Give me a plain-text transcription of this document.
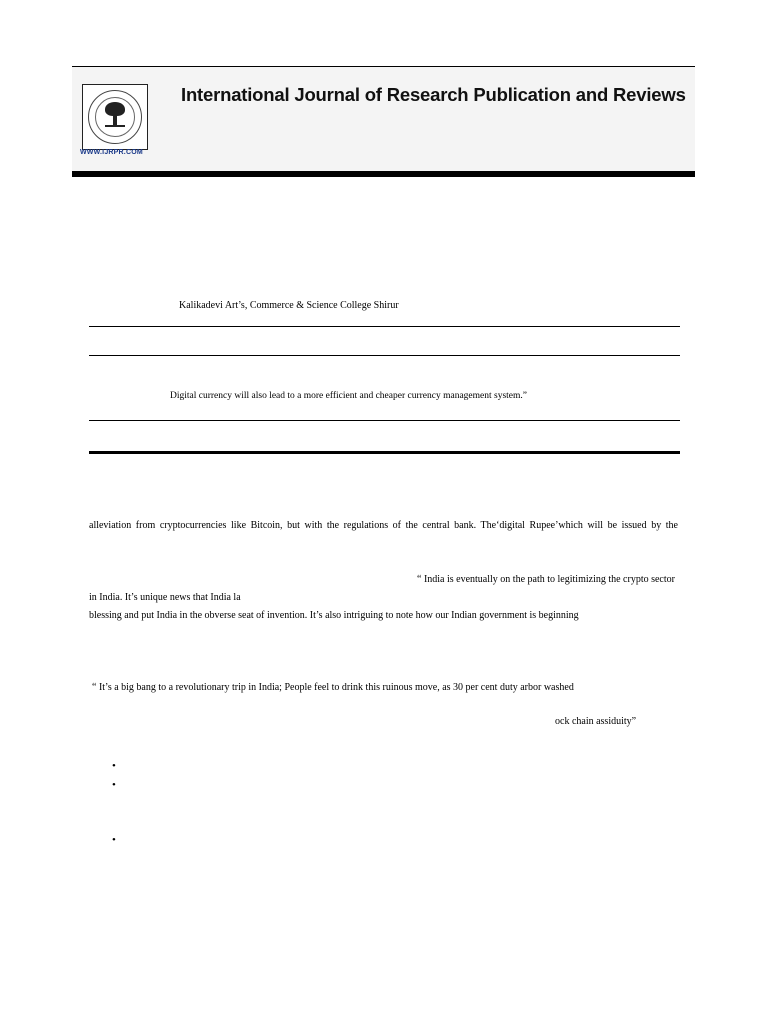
WWW.IJRPR.COM
International Journal of Research Publication and Reviews
Kalikadevi Art’s, Commerce & Science College Shirur
Digital currency will also lead to a more efficient and cheaper currency management system.”
alleviation from cryptocurrencies like Bitcoin, but with the regulations of the central bank. The‘digital Rupee’which will be issued by the
“ India is eventually on the path to legitimizing the crypto sector
in India. It’s unique news that India la
blessing and put India in the obverse seat of invention. It’s also intriguing to note how our Indian government is beginning
“ It’s a big bang to a revolutionary trip in India; People feel to drink this ruinous move, as 30 per cent duty arbor washed
ock chain assiduity”
•
•
•
